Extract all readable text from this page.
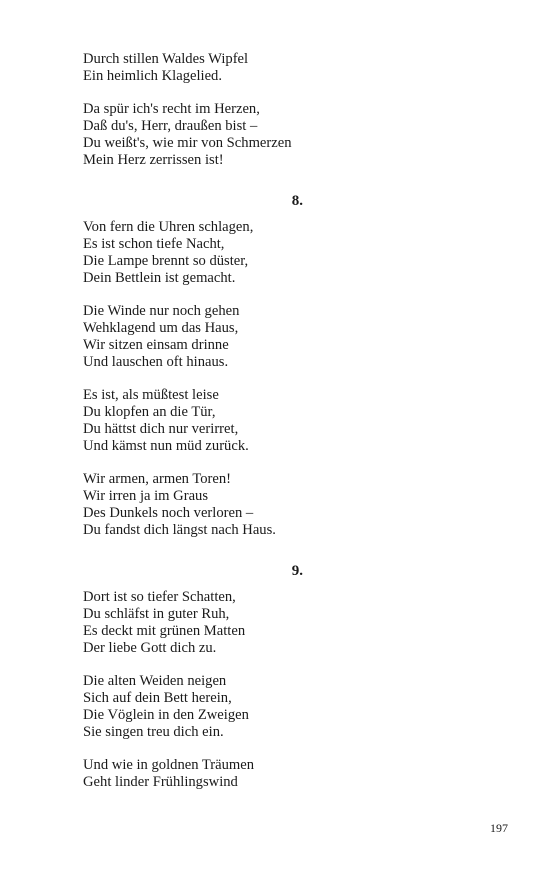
Durch stillen Waldes Wipfel
Ein heimlich Klagelied.
Da spür ich's recht im Herzen,
Daß du's, Herr, draußen bist –
Du weißt's, wie mir von Schmerzen
Mein Herz zerrissen ist!
8.
Von fern die Uhren schlagen,
Es ist schon tiefe Nacht,
Die Lampe brennt so düster,
Dein Bettlein ist gemacht.
Die Winde nur noch gehen
Wehklagend um das Haus,
Wir sitzen einsam drinne
Und lauschen oft hinaus.
Es ist, als müßtest leise
Du klopfen an die Tür,
Du hättst dich nur verirret,
Und kämst nun müd zurück.
Wir armen, armen Toren!
Wir irren ja im Graus
Des Dunkels noch verloren –
Du fandst dich längst nach Haus.
9.
Dort ist so tiefer Schatten,
Du schläfst in guter Ruh,
Es deckt mit grünen Matten
Der liebe Gott dich zu.
Die alten Weiden neigen
Sich auf dein Bett herein,
Die Vöglein in den Zweigen
Sie singen treu dich ein.
Und wie in goldnen Träumen
Geht linder Frühlingswind
197
